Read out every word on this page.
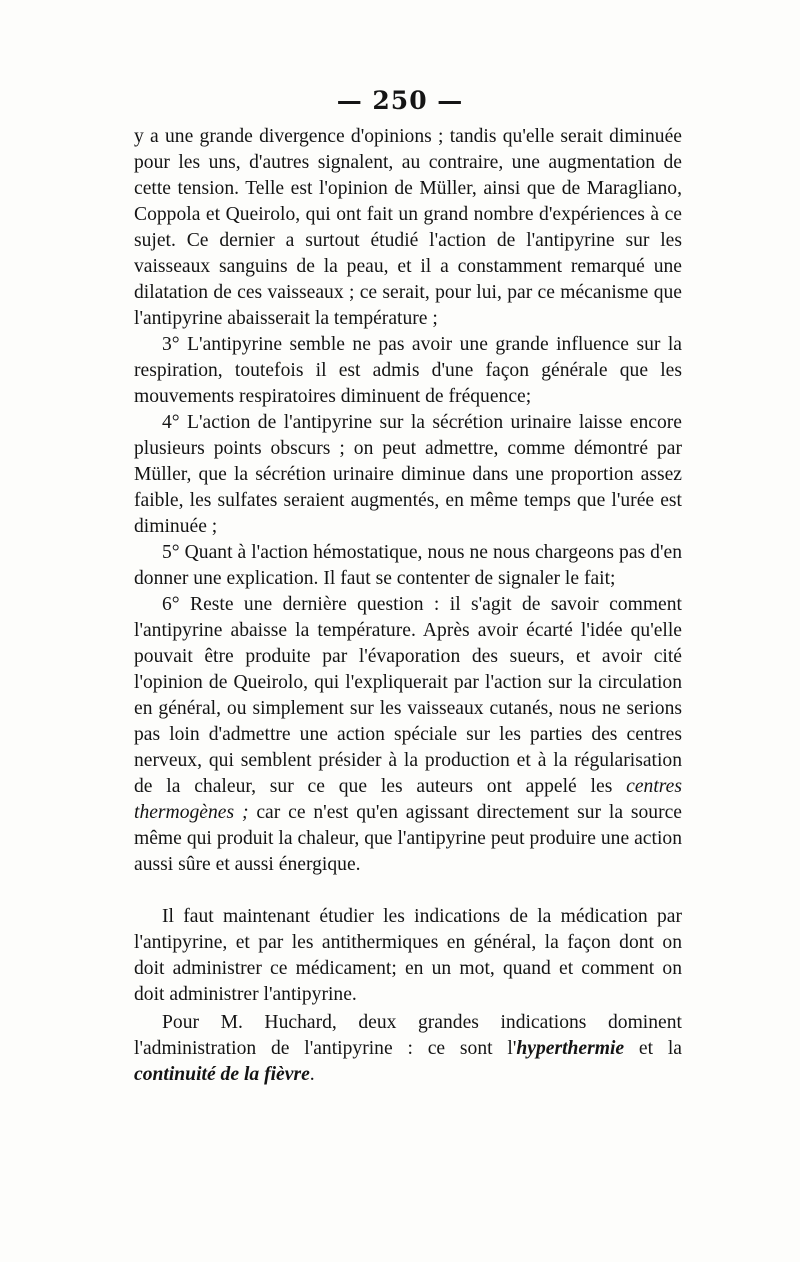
— 250 —

y a une grande divergence d'opinions ; tandis qu'elle serait diminuée pour les uns, d'autres signalent, au contraire, une augmentation de cette tension. Telle est l'opinion de Müller, ainsi que de Maragliano, Coppola et Queirolo, qui ont fait un grand nombre d'expériences à ce sujet. Ce dernier a surtout étudié l'action de l'antipyrine sur les vaisseaux sanguins de la peau, et il a constamment remarqué une dilatation de ces vaisseaux ; ce serait, pour lui, par ce mécanisme que l'antipyrine abaisserait la température ;

3° L'antipyrine semble ne pas avoir une grande influence sur la respiration, toutefois il est admis d'une façon générale que les mouvements respiratoires diminuent de fréquence;

4° L'action de l'antipyrine sur la sécrétion urinaire laisse encore plusieurs points obscurs ; on peut admettre, comme démontré par Müller, que la sécrétion urinaire diminue dans une proportion assez faible, les sulfates seraient augmentés, en même temps que l'urée est diminuée ;

5° Quant à l'action hémostatique, nous ne nous chargeons pas d'en donner une explication. Il faut se contenter de signaler le fait;

6° Reste une dernière question : il s'agit de savoir comment l'antipyrine abaisse la température. Après avoir écarté l'idée qu'elle pouvait être produite par l'évaporation des sueurs, et avoir cité l'opinion de Queirolo, qui l'expliquerait par l'action sur la circulation en général, ou simplement sur les vaisseaux cutanés, nous ne serions pas loin d'admettre une action spéciale sur les parties des centres nerveux, qui semblent présider à la production et à la régularisation de la chaleur, sur ce que les auteurs ont appelé les centres thermogènes ; car ce n'est qu'en agissant directement sur la source même qui produit la chaleur, que l'antipyrine peut produire une action aussi sûre et aussi énergique.

Il faut maintenant étudier les indications de la médication par l'antipyrine, et par les antithermiques en général, la façon dont on doit administrer ce médicament; en un mot, quand et comment on doit administrer l'antipyrine.

Pour M. Huchard, deux grandes indications dominent l'administration de l'antipyrine : ce sont l'hyperthermie et la continuité de la fièvre.
